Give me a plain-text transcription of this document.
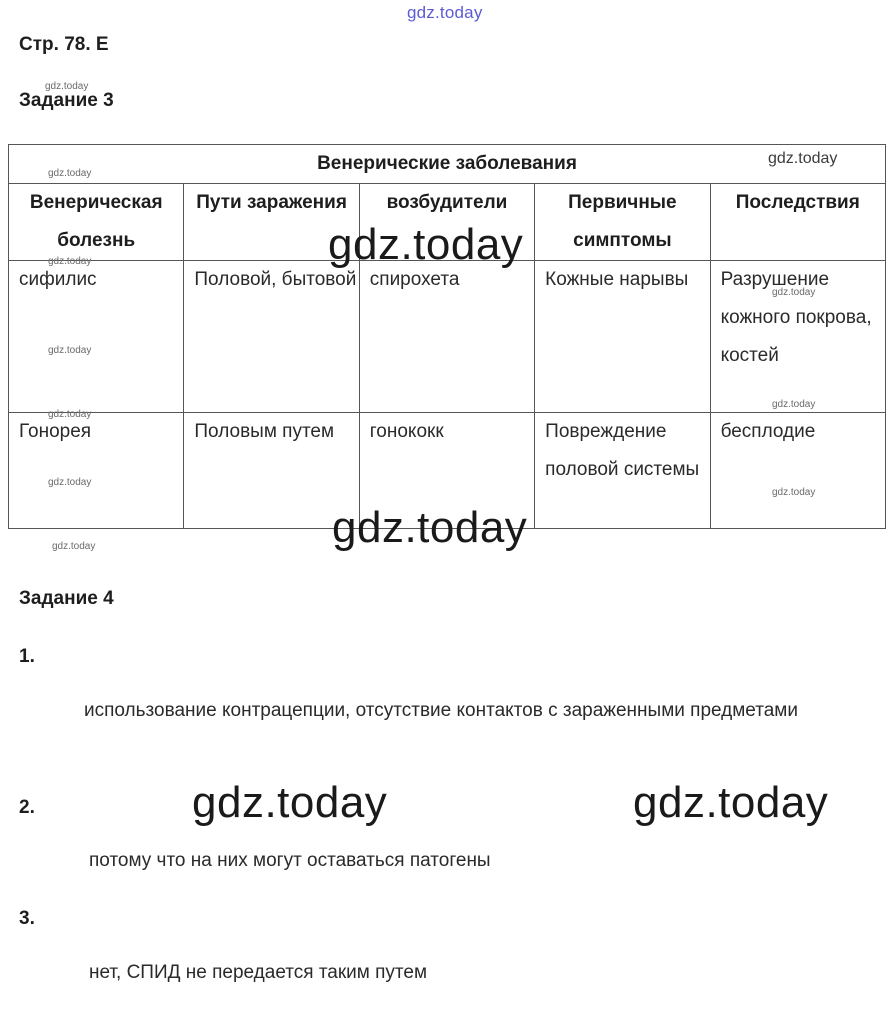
gdz.today
Стр. 78. Е
gdz.today
Задание 3
Венерические заболевания				
Венерическая болезнь	Пути заражения	возбудители	Первичные симптомы	Последствия
сифилис	Половой, бытовой	спирохета	Кожные нарывы	Разрушение кожного покрова, костей
Гонорея	Половым путем	гонококк	Повреждение половой системы	бесплодие
gdz.today
gdz.today
gdz.today
gdz.today
gdz.today
gdz.today
gdz.today
gdz.today
gdz.today
gdz.today
gdz.today
gdz.today
Задание 4
1.
использование контрацепции, отсутствие контактов с зараженными предметами
2.	gdz.today	gdz.today
потому что на них могут оставаться патогены
3.
нет, СПИД не передается таким путем
